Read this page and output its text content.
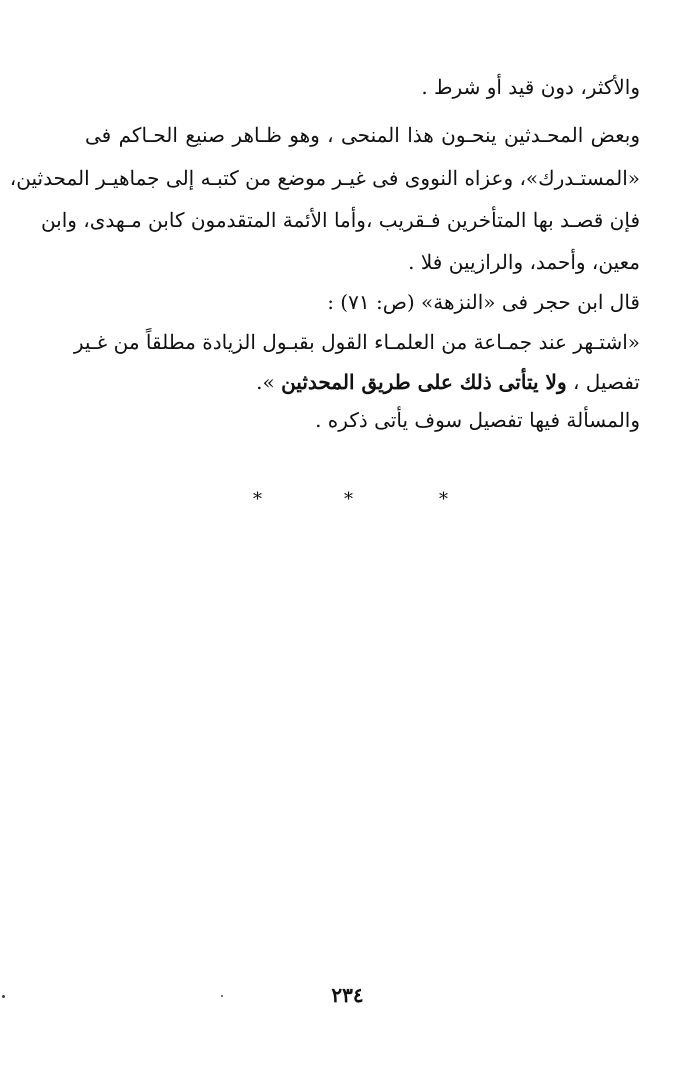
والأكثر، دون قيد أو شرط .
وبعض المحـدثين ينحـون هذا المنحى ، وهو ظـاهر صنيع الحـاكم فى
«المستـدرك»، وعزاه النووى فى غيـر موضع من كتبـه إلى جماهيـر المحدثين،
فإن قصـد بها المتأخرين فـقريب ،وأما الأئمة المتقدمون كابن مـهدى، وابن
معين، وأحمد، والرازيين فلا .
قال ابن حجر فى «النزهة» (ص: ٧١) :
«اشتـهر عند جمـاعة من العلمـاء القول بقبـول الزيادة مطلقاً من غـير
تفصيل ، ولا يتأتى ذلك على طريق المحدثين ».
والمسألة فيها تفصيل سوف يأتى ذكره .
*	*	*
٢٣٤
